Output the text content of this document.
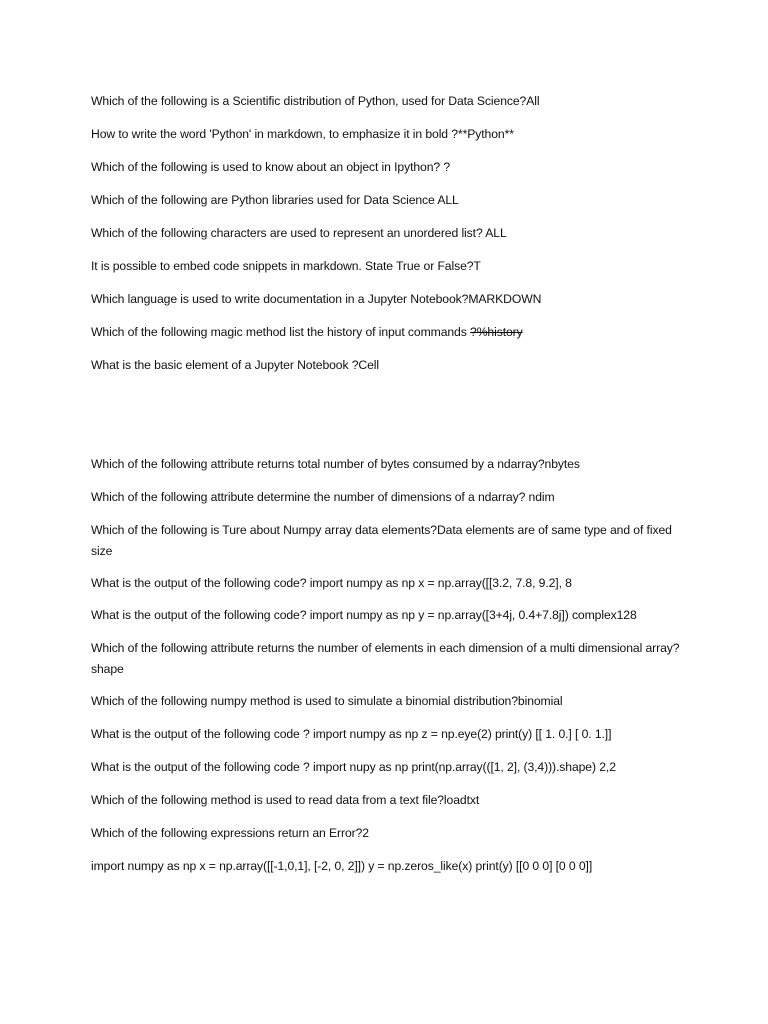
Which of the following is a Scientific distribution of Python, used for Data Science?All
How to write the word 'Python' in markdown, to emphasize it in bold ?**Python**
Which of the following is used to know about an object in Ipython? ?
Which of the following are Python libraries used for Data Science ALL
Which of the following characters are used to represent an unordered list? ALL
It is possible to embed code snippets in markdown. State True or False?T
Which language is used to write documentation in a Jupyter Notebook?MARKDOWN
Which of the following magic method list the history of input commands ?%history
What is the basic element of a Jupyter Notebook ?Cell
Which of the following attribute returns total number of bytes consumed by a ndarray?nbytes
Which of the following attribute determine the number of dimensions of a ndarray? ndim
Which of the following is Ture about Numpy array data elements?Data elements are of same type and of fixed size
What is the output of the following code? import numpy as np x = np.array([[3.2, 7.8, 9.2], 8
What is the output of the following code? import numpy as np y = np.array([3+4j, 0.4+7.8j]) complex128
Which of the following attribute returns the number of elements in each dimension of a multi dimensional array? shape
Which of the following numpy method is used to simulate a binomial distribution?binomial
What is the output of the following code ? import numpy as np z = np.eye(2) print(y) [[ 1. 0.] [ 0. 1.]]
What is the output of the following code ? import nupy as np print(np.array(([1, 2], (3,4))).shape) 2,2
Which of the following method is used to read data from a text file?loadtxt
Which of the following expressions return an Error?2
import numpy as np x = np.array([[-1,0,1], [-2, 0, 2]]) y = np.zeros_like(x) print(y) [[0 0 0] [0 0 0]]
